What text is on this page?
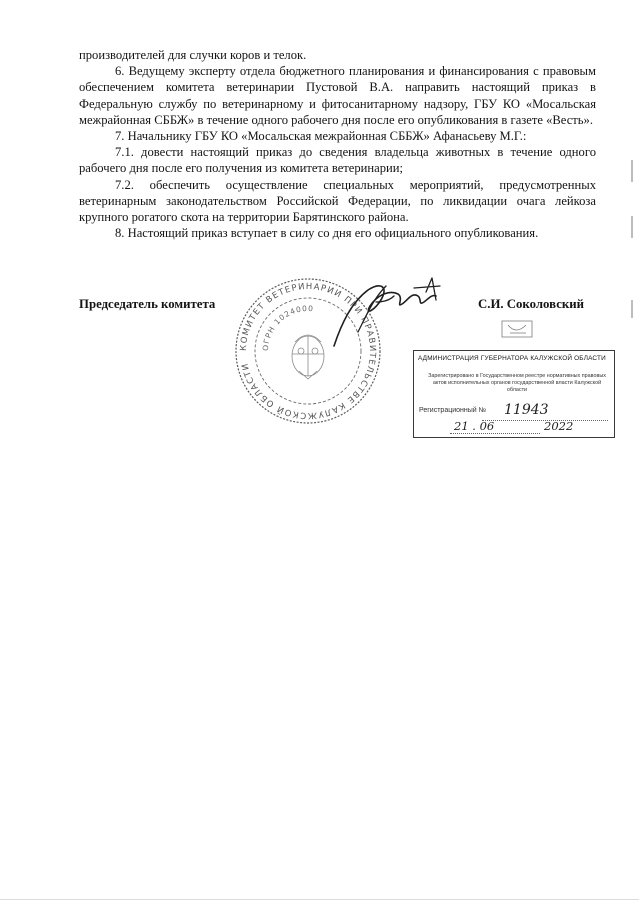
производителей для случки коров и телок.

6. Ведущему эксперту отдела бюджетного планирования и финансирования с правовым обеспечением комитета ветеринарии Пустовой В.А. направить настоящий приказ в Федеральную службу по ветеринарному и фитосанитарному надзору, ГБУ КО «Мосальская межрайонная СББЖ» в течение одного рабочего дня после его опубликования в газете «Весть».

7. Начальнику ГБУ КО «Мосальская межрайонная СББЖ» Афанасьеву М.Г.:

7.1. довести настоящий приказ до сведения владельца животных в течение одного рабочего дня после его получения из комитета ветеринарии;

7.2. обеспечить осуществление специальных мероприятий, предусмотренных ветеринарным законодательством Российской Федерации, по ликвидации очага лейкоза крупного рогатого скота на территории Барятинского района.

8. Настоящий приказ вступает в силу со дня его официального опубликования.

Председатель комитета	С.И. Соколовский
КОМИТЕТ ВЕТЕРИНАРИИ ПРИ ПРАВИТЕЛЬСТВЕ КАЛУЖСКОЙ ОБЛАСТИ
ОГРН 1024000
АДМИНИСТРАЦИЯ ГУБЕРНАТОРА КАЛУЖСКОЙ ОБЛАСТИ
Зарегистрировано в Государственном реестре нормативных правовых актов исполнительных органов государственной власти Калужской области
Регистрационный № 11943
21 . 06	2022
